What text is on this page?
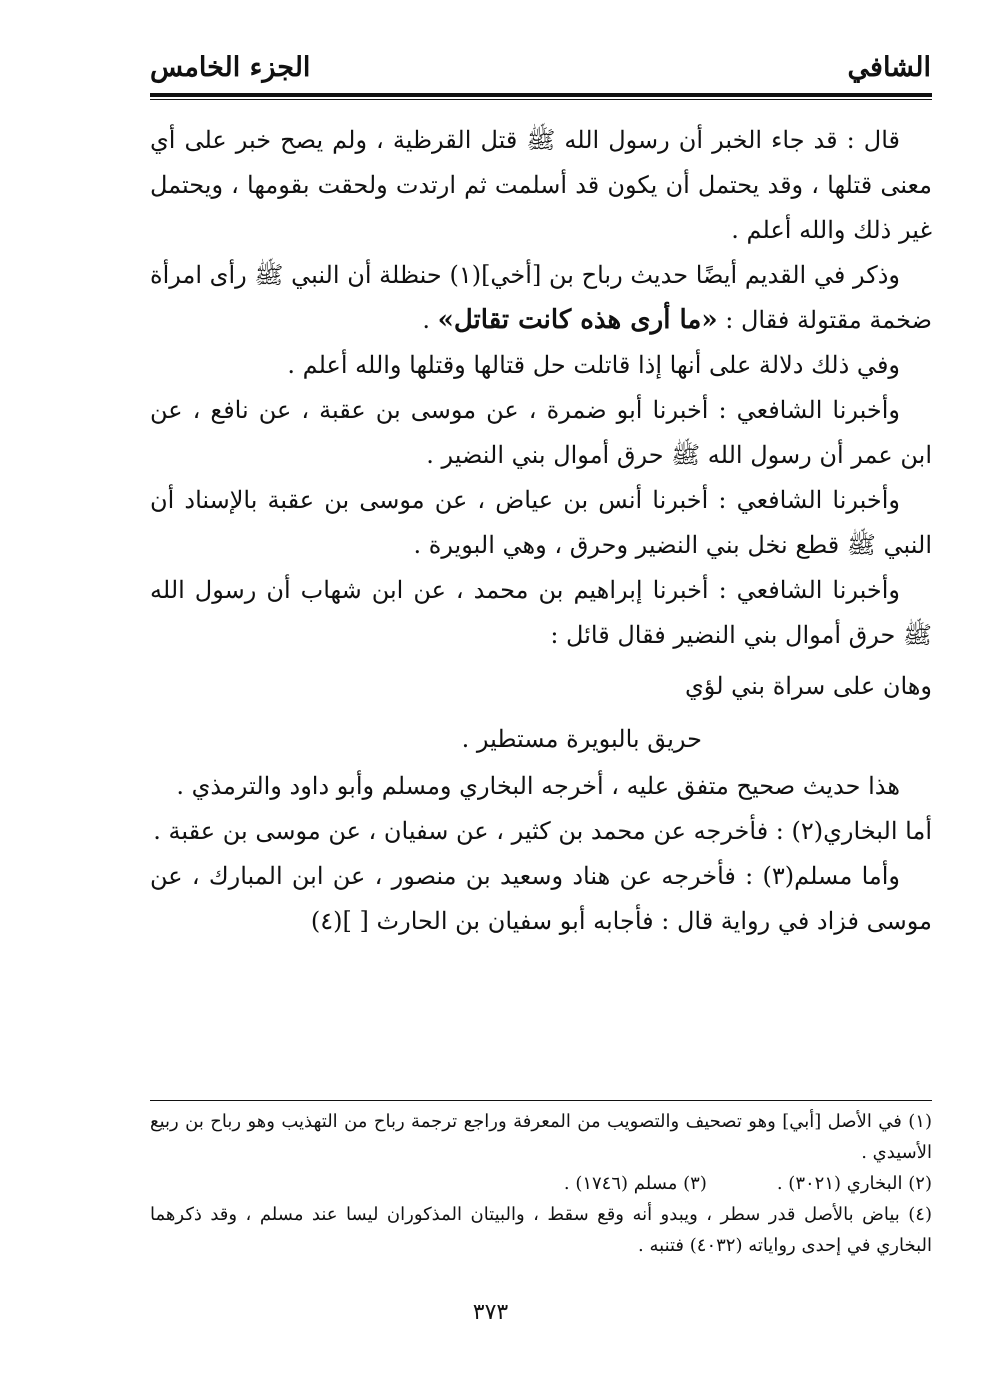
الشافي
الجزء الخامس

قال : قد جاء الخبر أن رسول الله ﷺ قتل القرظية ، ولم يصح خبر على أي معنى قتلها ، وقد يحتمل أن يكون قد أسلمت ثم ارتدت ولحقت بقومها ، ويحتمل غير ذلك والله أعلم .

وذكر في القديم أيضًا حديث رباح بن [أخي](١) حنظلة أن النبي ﷺ رأى امرأة ضخمة مقتولة فقال : «ما أرى هذه كانت تقاتل» .

وفي ذلك دلالة على أنها إذا قاتلت حل قتالها وقتلها والله أعلم .

وأخبرنا الشافعي : أخبرنا أبو ضمرة ، عن موسى بن عقبة ، عن نافع ، عن ابن عمر أن رسول الله ﷺ حرق أموال بني النضير .

وأخبرنا الشافعي : أخبرنا أنس بن عياض ، عن موسى بن عقبة بالإسناد أن النبي ﷺ قطع نخل بني النضير وحرق ، وهي البويرة .

وأخبرنا الشافعي : أخبرنا إبراهيم بن محمد ، عن ابن شهاب أن رسول الله ﷺ حرق أموال بني النضير فقال قائل :

وهان على سراة بني لؤي

حريق بالبويرة مستطير .

هذا حديث صحيح متفق عليه ، أخرجه البخاري ومسلم وأبو داود والترمذي .

أما البخاري(٢) : فأخرجه عن محمد بن كثير ، عن سفيان ، عن موسى بن عقبة .

وأما مسلم(٣) : فأخرجه عن هناد وسعيد بن منصور ، عن ابن المبارك ، عن موسى فزاد في رواية قال : فأجابه أبو سفيان بن الحارث [ ](٤)

(١) في الأصل [أبي] وهو تصحيف والتصويب من المعرفة وراجع ترجمة رباح من التهذيب وهو رباح بن ربيع الأسيدي .

(٢) البخاري (٣٠٢١) .
(٣) مسلم (١٧٤٦) .

(٤) بياض بالأصل قدر سطر ، ويبدو أنه وقع سقط ، والبيتان المذكوران ليسا عند مسلم ، وقد ذكرهما البخاري في إحدى رواياته (٤٠٣٢) فتنبه .

٣٧٣
